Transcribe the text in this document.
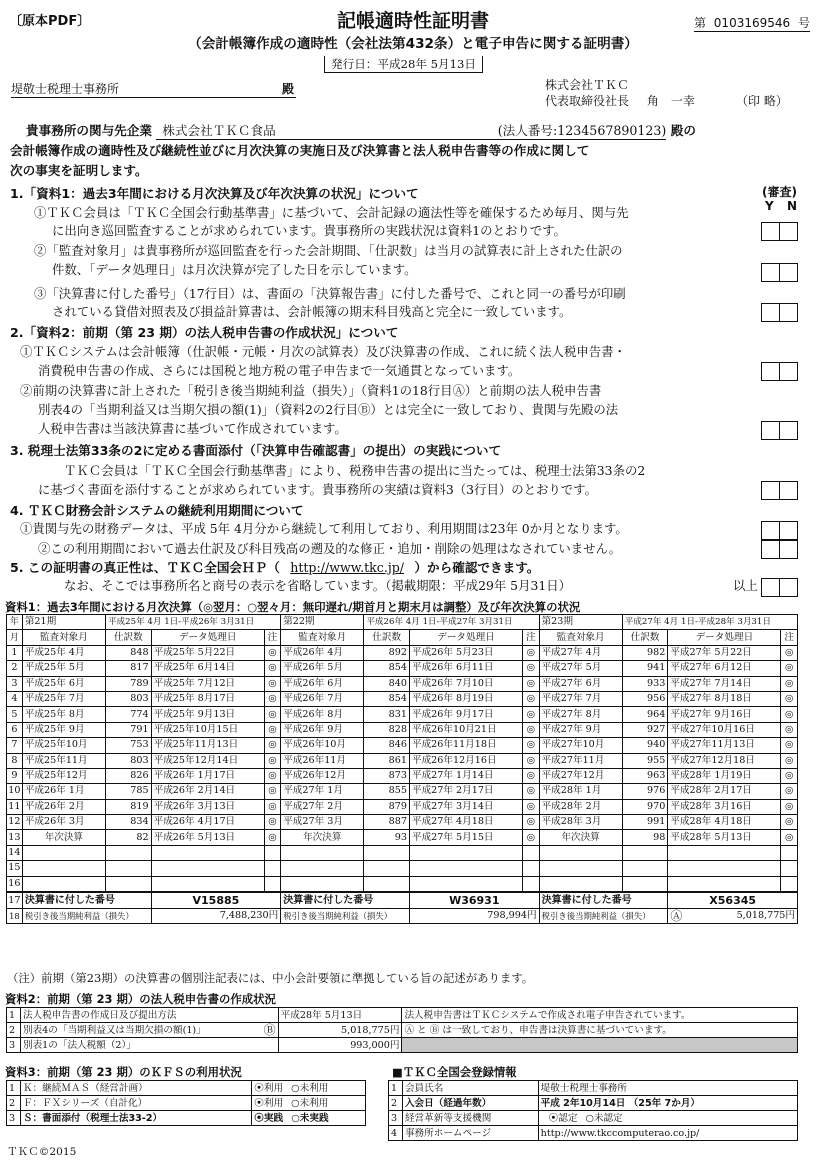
〔原本PDF〕	記帳適時性証明書	第 0103169546 号
（会計帳簿作成の適時性（会社法第432条）と電子申告に関する証明書）
発行日：平成28年 5月13日
堤敬士税理士事務所	殿	株式会社ＴＫＣ
代表取締役社長 角　一幸	（印 略）
貴事務所の関与先企業 株式会社ＴＫＣ食品	(法人番号:1234567890123) 殿の
会計帳簿作成の適時性及び継続性並びに月次決算の実施日及び決算書と法人税申告書等の作成に関して
次の事実を証明します。
(審査)
Y N
1.「資料1：過去3年間における月次決算及び年次決算の状況」について
①ＴＫＣ会員は「ＴＫＣ全国会行動基準書」に基づいて、会計記録の適法性等を確保するため毎月、関与先
に出向き巡回監査することが求められています。貴事務所の実践状況は資料1のとおりです。
②「監査対象月」は貴事務所が巡回監査を行った会計期間、「仕訳数」は当月の試算表に計上された仕訳の
件数、「データ処理日」は月次決算が完了した日を示しています。
③「決算書に付した番号」（17行目）は、書面の「決算報告書」に付した番号で、これと同一の番号が印刷
されている貸借対照表及び損益計算書は、会計帳簿の期末科目残高と完全に一致しています。
2.「資料2：前期（第 23 期）の法人税申告書の作成状況」について
①ＴＫＣシステムは会計帳簿（仕訳帳・元帳・月次の試算表）及び決算書の作成、これに続く法人税申告書・
消費税申告書の作成、さらには国税と地方税の電子申告まで一気通貫となっています。
②前期の決算書に計上された「税引き後当期純利益（損失）」（資料1の18行目Ⓐ）と前期の法人税申告書
別表4の「当期利益又は当期欠損の額(1)」（資料2の2行目Ⓑ）とは完全に一致しており、貴関与先殿の法
人税申告書は当該決算書に基づいて作成されています。
3. 税理士法第33条の2に定める書面添付（「決算申告確認書」の提出）の実践について
ＴＫＣ会員は「ＴＫＣ全国会行動基準書」により、税務申告書の提出に当たっては、税理士法第33条の2
に基づく書面を添付することが求められています。貴事務所の実績は資料3（3行目）のとおりです。
4. ＴＫＣ財務会計システムの継続利用期間について
①貴関与先の財務データは、平成 5年 4月分から継続して利用しており、利用期間は23年 0か月となります。
②この利用期間において過去仕訳及び科目残高の遡及的な修正・追加・削除の処理はなされていません。
5. この証明書の真正性は、ＴＫＣ全国会ＨＰ（ http://www.tkc.jp/ ）から確認できます。
なお、そこでは事務所名と商号の表示を省略しています。（掲載期限：平成29年 5月31日）	以上
資料1：過去3年間における月次決算（◎翌月：○翌々月：無印遅れ/期首月と期末月は調整）及び年次決算の状況
年	第21期	平成25年 4月 1日-平成26年 3月31日			第22期	平成26年 4月 1日-平成27年 3月31日			第23期	平成27年 4月 1日-平成28年 3月31日		
月	監査対象月	仕訳数	データ処理日	注	監査対象月	仕訳数	データ処理日	注	監査対象月	仕訳数	データ処理日	注
1	平成25年 4月	848	平成25年 5月22日	◎	平成26年 4月	892	平成26年 5月23日	◎	平成27年 4月	982	平成27年 5月22日	◎
2	平成25年 5月	817	平成25年 6月14日	◎	平成26年 5月	854	平成26年 6月11日	◎	平成27年 5月	941	平成27年 6月12日	◎
3	平成25年 6月	789	平成25年 7月12日	◎	平成26年 6月	840	平成26年 7月10日	◎	平成27年 6月	933	平成27年 7月14日	◎
4	平成25年 7月	803	平成25年 8月17日	◎	平成26年 7月	854	平成26年 8月19日	◎	平成27年 7月	956	平成27年 8月18日	◎
5	平成25年 8月	774	平成25年 9月13日	◎	平成26年 8月	831	平成26年 9月17日	◎	平成27年 8月	964	平成27年 9月16日	◎
6	平成25年 9月	791	平成25年10月15日	◎	平成26年 9月	828	平成26年10月21日	◎	平成27年 9月	927	平成27年10月16日	◎
7	平成25年10月	753	平成25年11月13日	◎	平成26年10月	846	平成26年11月18日	◎	平成27年10月	940	平成27年11月13日	◎
8	平成25年11月	803	平成25年12月14日	◎	平成26年11月	861	平成26年12月16日	◎	平成27年11月	955	平成27年12月18日	◎
9	平成25年12月	826	平成26年 1月17日	◎	平成26年12月	873	平成27年 1月14日	◎	平成27年12月	963	平成28年 1月19日	◎
10	平成26年 1月	785	平成26年 2月14日	◎	平成27年 1月	855	平成27年 2月17日	◎	平成28年 1月	976	平成28年 2月17日	◎
11	平成26年 2月	819	平成26年 3月13日	◎	平成27年 2月	879	平成27年 3月14日	◎	平成28年 2月	970	平成28年 3月16日	◎
12	平成26年 3月	834	平成26年 4月17日	◎	平成27年 3月	887	平成27年 4月18日	◎	平成28年 3月	991	平成28年 4月18日	◎
13	年次決算	82	平成26年 5月13日	◎	年次決算	93	平成27年 5月15日	◎	年次決算	98	平成28年 5月13日	◎
14												
15												
16												
17	決算書に付した番号		V15885		決算書に付した番号		W36931		決算書に付した番号		X56345	
18	税引き後当期純利益（損失）		7,488,230円		税引き後当期純利益（損失）		798,994円		税引き後当期純利益（損失）		Ⓐ 5,018,775円	
（注）前期（第23期）の決算書の個別注記表には、中小会計要領に準拠している旨の記述があります。
資料2：前期（第 23 期）の法人税申告書の作成状況
1	法人税申告書の作成日及び提出方法	平成28年 5月13日	法人税申告書はＴＫＣシステムで作成され電子申告されています。
2	別表4の「当期利益又は当期欠損の額(1)」 Ⓑ	5,018,775円	Ⓐ と Ⓑ は一致しており、申告書は決算書に基づいています。
3	別表1の「法人税額（2）」	993,000円	
資料3：前期（第 23 期）のＫＦＳの利用状況
1	Ｋ：継続ＭＡＳ（経営計画）	⦿利用 ○未利用
2	Ｆ：ＦＸシリーズ（自計化）	⦿利用 ○未利用
3	Ｓ：書面添付（税理士法33-2）	⦿実践 ○未実践
■ＴＫＣ全国会登録情報
1	会員氏名	堤敬士税理士事務所
2	入会日（経過年数）	平成 2年10月14日 （25年 7か月）
3	経営革新等支援機関	⦿認定 ○未認定
4	事務所ホームページ	http://www.tkccomputerao.co.jp/
ＴＫＣ©2015
